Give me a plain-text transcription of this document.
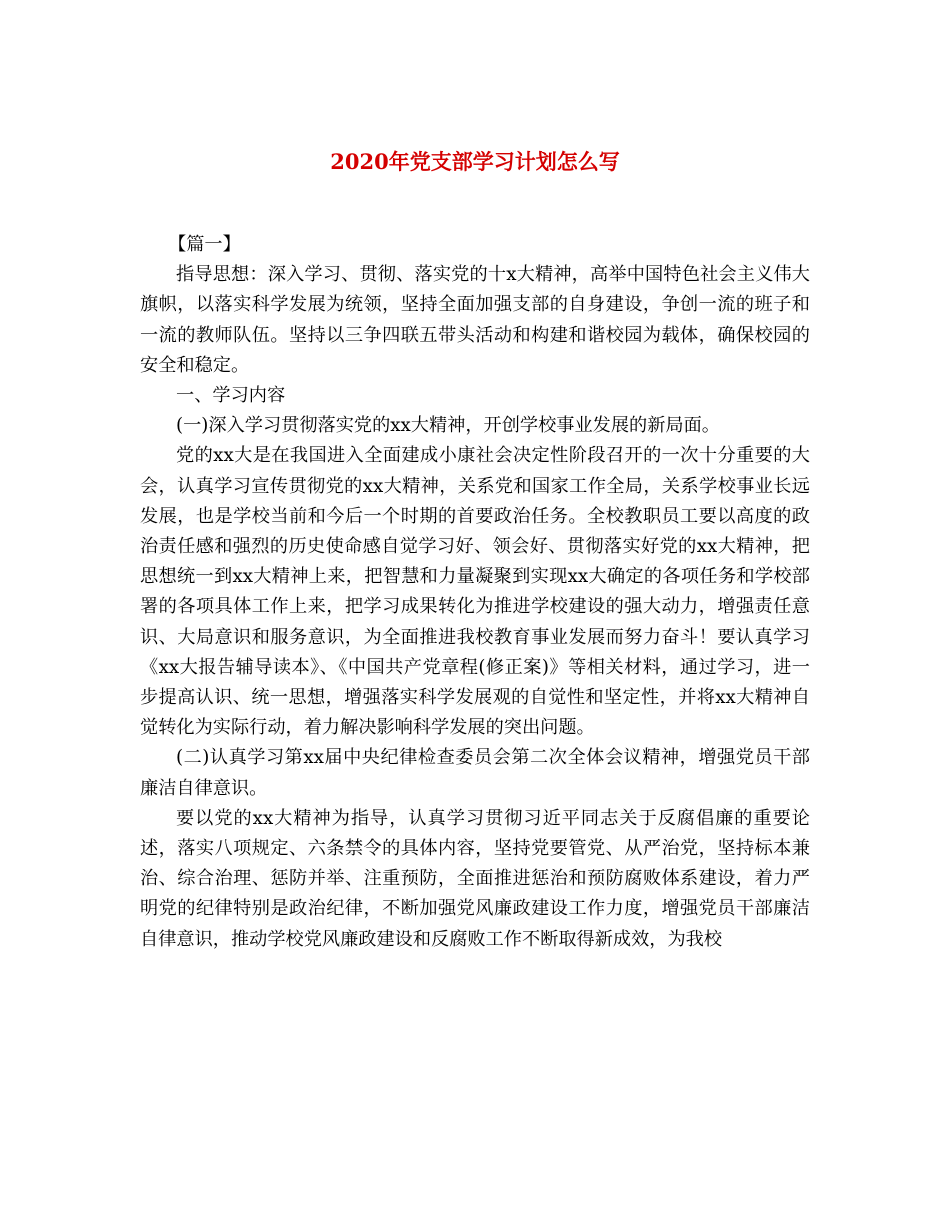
2020年党支部学习计划怎么写

【篇一】

指导思想：深入学习、贯彻、落实党的十x大精神，高举中国特色社会主义伟大旗帜，以落实科学发展为统领，坚持全面加强支部的自身建设，争创一流的班子和一流的教师队伍。坚持以三争四联五带头活动和构建和谐校园为载体，确保校园的安全和稳定。

一、学习内容

(一)深入学习贯彻落实党的xx大精神，开创学校事业发展的新局面。

党的xx大是在我国进入全面建成小康社会决定性阶段召开的一次十分重要的大会，认真学习宣传贯彻党的xx大精神，关系党和国家工作全局，关系学校事业长远发展，也是学校当前和今后一个时期的首要政治任务。全校教职员工要以高度的政治责任感和强烈的历史使命感自觉学习好、领会好、贯彻落实好党的xx大精神，把思想统一到xx大精神上来，把智慧和力量凝聚到实现xx大确定的各项任务和学校部署的各项具体工作上来，把学习成果转化为推进学校建设的强大动力，增强责任意识、大局意识和服务意识，为全面推进我校教育事业发展而努力奋斗！要认真学习《xx大报告辅导读本》、《中国共产党章程(修正案)》等相关材料，通过学习，进一步提高认识、统一思想，增强落实科学发展观的自觉性和坚定性，并将xx大精神自觉转化为实际行动，着力解决影响科学发展的突出问题。

(二)认真学习第xx届中央纪律检查委员会第二次全体会议精神，增强党员干部廉洁自律意识。

要以党的xx大精神为指导，认真学习贯彻习近平同志关于反腐倡廉的重要论述，落实八项规定、六条禁令的具体内容，坚持党要管党、从严治党，坚持标本兼治、综合治理、惩防并举、注重预防，全面推进惩治和预防腐败体系建设，着力严明党的纪律特别是政治纪律，不断加强党风廉政建设工作力度，增强党员干部廉洁自律意识，推动学校党风廉政建设和反腐败工作不断取得新成效，为我校
